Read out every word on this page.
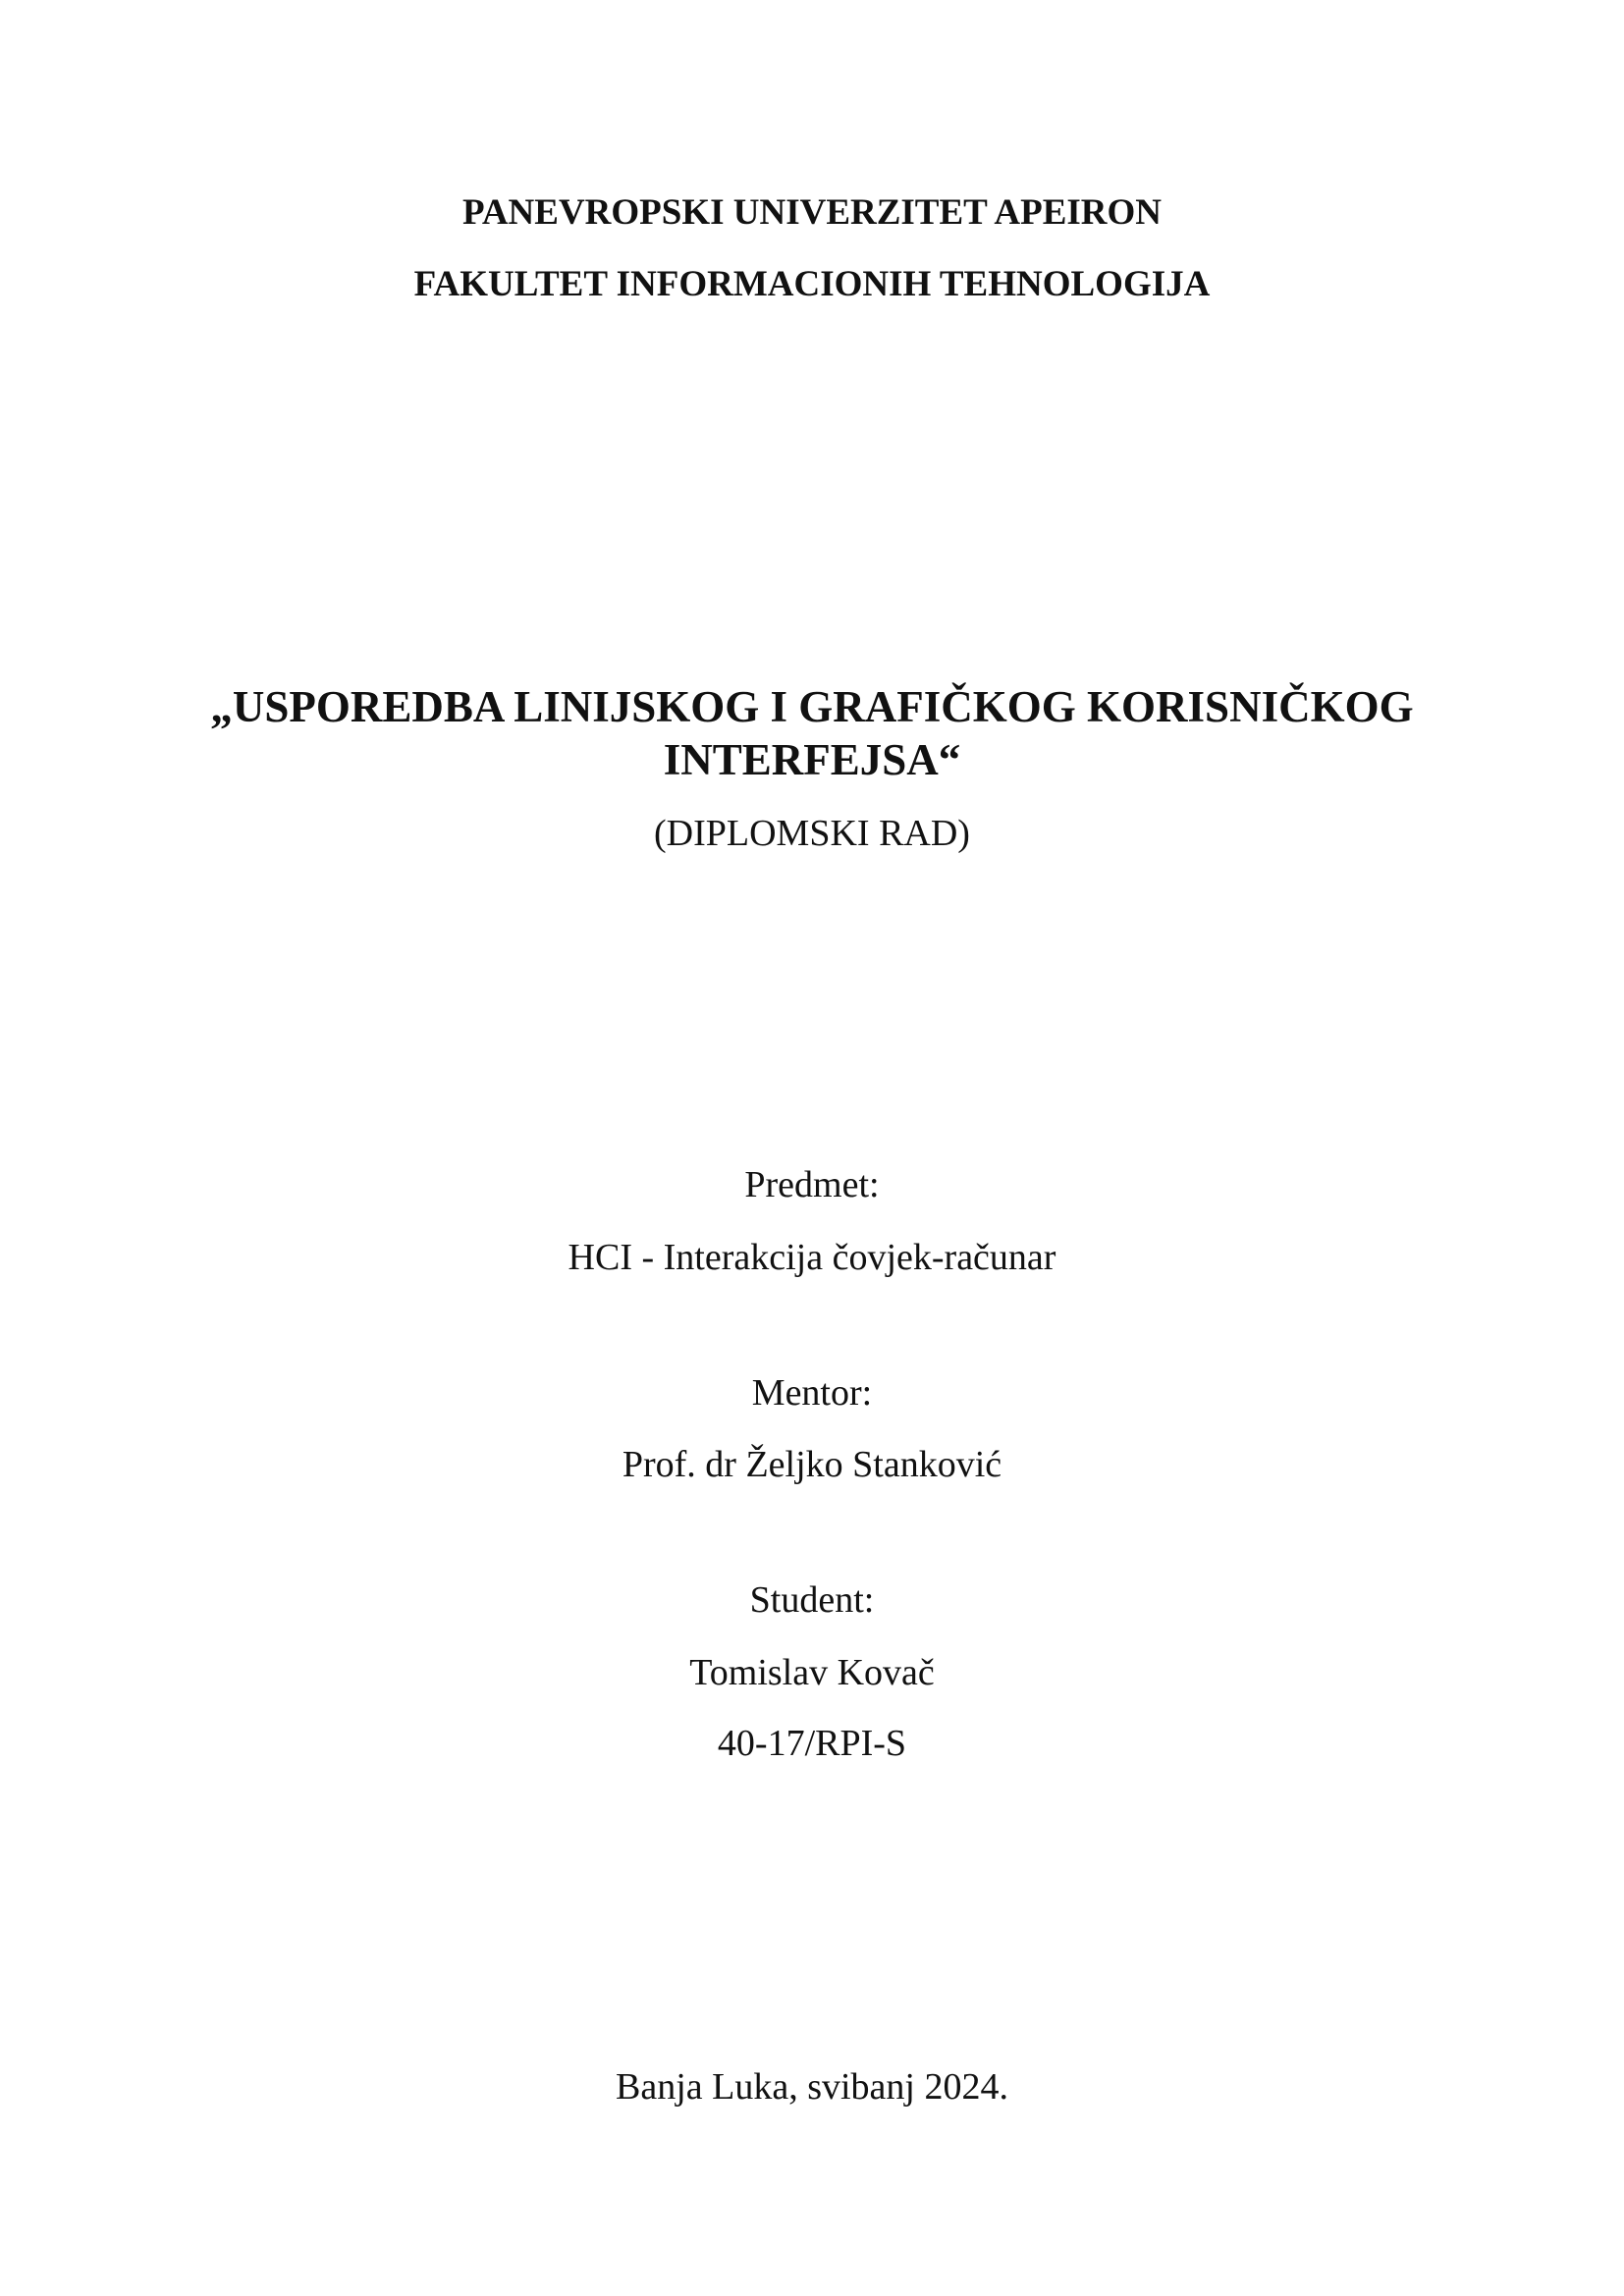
PANEVROPSKI UNIVERZITET APEIRON
FAKULTET INFORMACIONIH TEHNOLOGIJA
„USPOREDBA LINIJSKOG I GRAFIČKOG KORISNIČKOG
INTERFEJSA“
(DIPLOMSKI RAD)
Predmet:
HCI - Interakcija čovjek-računar
Mentor:
Prof. dr Željko Stanković
Student:
Tomislav Kovač
40-17/RPI-S
Banja Luka, svibanj 2024.
